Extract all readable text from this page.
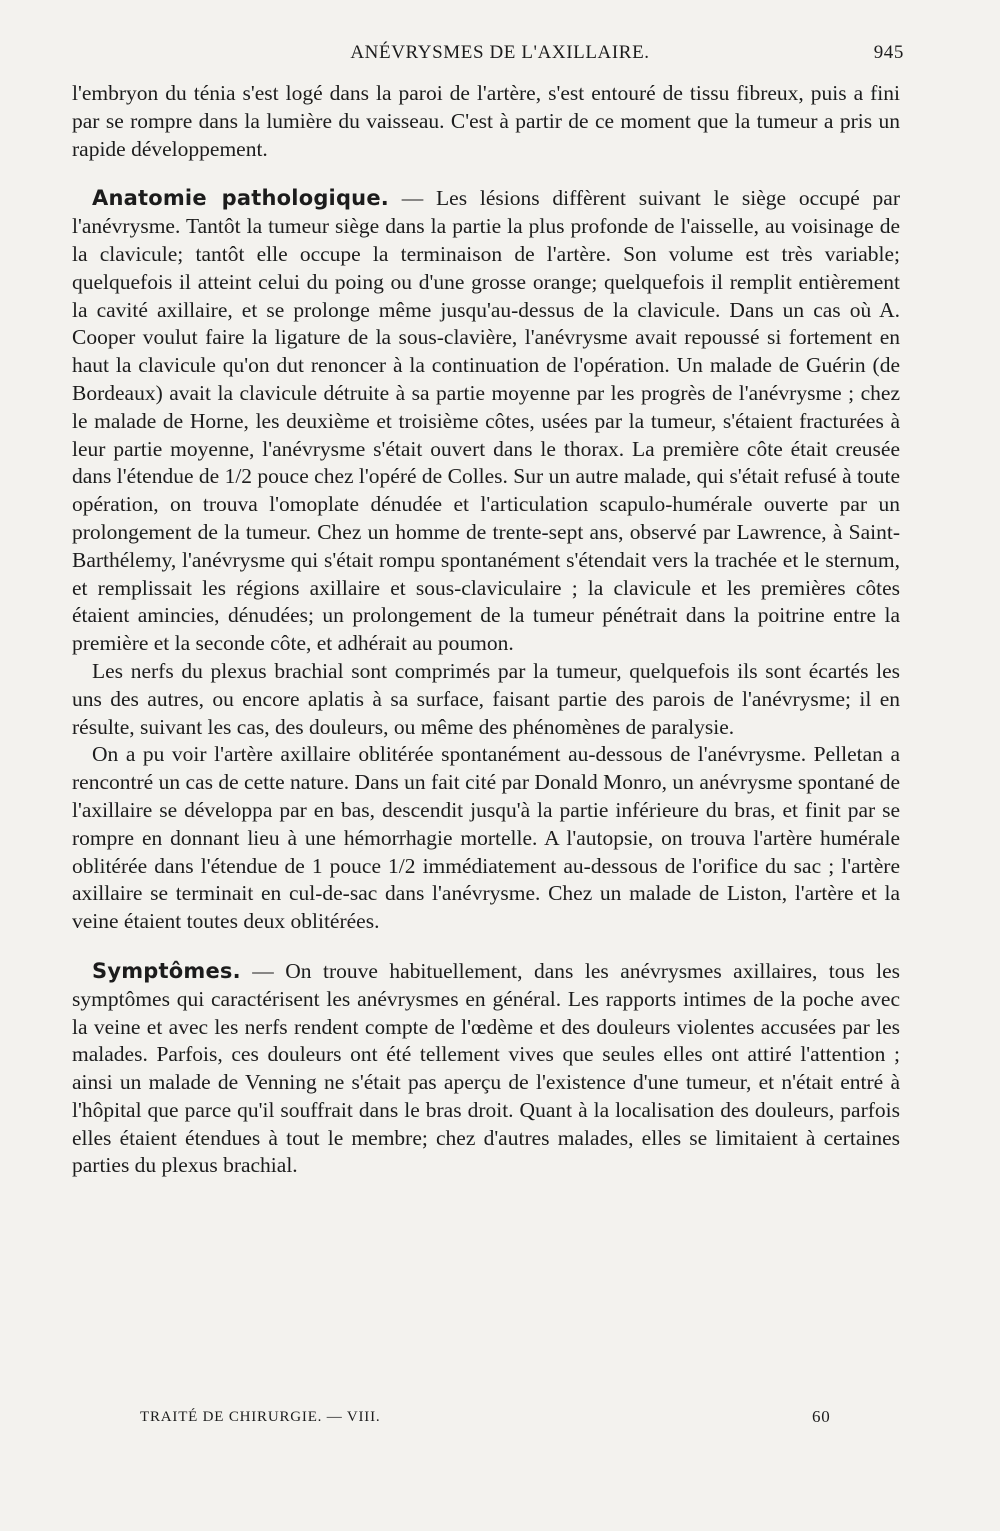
ANÉVRYSMES DE L'AXILLAIRE.	945

l'embryon du ténia s'est logé dans la paroi de l'artère, s'est entouré de tissu fibreux, puis a fini par se rompre dans la lumière du vaisseau. C'est à partir de ce moment que la tumeur a pris un rapide développement.

Anatomie pathologique. — Les lésions diffèrent suivant le siège occupé par l'anévrysme. Tantôt la tumeur siège dans la partie la plus profonde de l'aisselle, au voisinage de la clavicule; tantôt elle occupe la terminaison de l'artère. Son volume est très variable; quelquefois il atteint celui du poing ou d'une grosse orange; quelquefois il remplit entièrement la cavité axillaire, et se prolonge même jusqu'au-dessus de la clavicule. Dans un cas où A. Cooper voulut faire la ligature de la sous-clavière, l'anévrysme avait repoussé si fortement en haut la clavicule qu'on dut renoncer à la continuation de l'opération. Un malade de Guérin (de Bordeaux) avait la clavicule détruite à sa partie moyenne par les progrès de l'anévrysme ; chez le malade de Horne, les deuxième et troisième côtes, usées par la tumeur, s'étaient fracturées à leur partie moyenne, l'anévrysme s'était ouvert dans le thorax. La première côte était creusée dans l'étendue de 1/2 pouce chez l'opéré de Colles. Sur un autre malade, qui s'était refusé à toute opération, on trouva l'omoplate dénudée et l'articulation scapulo-humérale ouverte par un prolongement de la tumeur. Chez un homme de trente-sept ans, observé par Lawrence, à Saint-Barthélemy, l'anévrysme qui s'était rompu spontanément s'étendait vers la trachée et le sternum, et remplissait les régions axillaire et sous-claviculaire ; la clavicule et les premières côtes étaient amincies, dénudées; un prolongement de la tumeur pénétrait dans la poitrine entre la première et la seconde côte, et adhérait au poumon.

Les nerfs du plexus brachial sont comprimés par la tumeur, quelquefois ils sont écartés les uns des autres, ou encore aplatis à sa surface, faisant partie des parois de l'anévrysme; il en résulte, suivant les cas, des douleurs, ou même des phénomènes de paralysie.

On a pu voir l'artère axillaire oblitérée spontanément au-dessous de l'anévrysme. Pelletan a rencontré un cas de cette nature. Dans un fait cité par Donald Monro, un anévrysme spontané de l'axillaire se développa par en bas, descendit jusqu'à la partie inférieure du bras, et finit par se rompre en donnant lieu à une hémorrhagie mortelle. A l'autopsie, on trouva l'artère humérale oblitérée dans l'étendue de 1 pouce 1/2 immédiatement au-dessous de l'orifice du sac ; l'artère axillaire se terminait en cul-de-sac dans l'anévrysme. Chez un malade de Liston, l'artère et la veine étaient toutes deux oblitérées.

Symptômes. — On trouve habituellement, dans les anévrysmes axillaires, tous les symptômes qui caractérisent les anévrysmes en général. Les rapports intimes de la poche avec la veine et avec les nerfs rendent compte de l'œdème et des douleurs violentes accusées par les malades. Parfois, ces douleurs ont été tellement vives que seules elles ont attiré l'attention ; ainsi un malade de Venning ne s'était pas aperçu de l'existence d'une tumeur, et n'était entré à l'hôpital que parce qu'il souffrait dans le bras droit. Quant à la localisation des douleurs, parfois elles étaient étendues à tout le membre; chez d'autres malades, elles se limitaient à certaines parties du plexus brachial.

TRAITÉ DE CHIRURGIE. — VIII.	60
